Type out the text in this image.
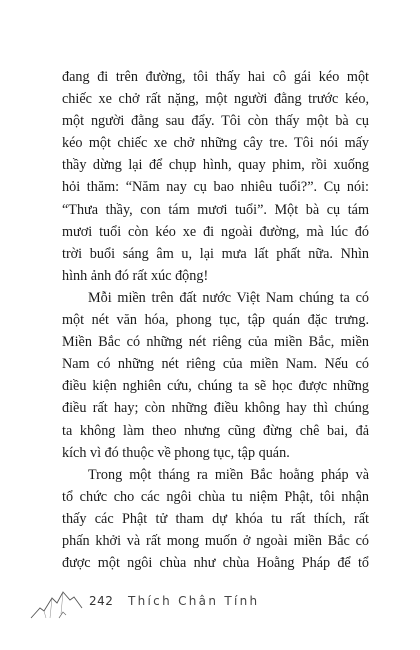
đang đi trên đường, tôi thấy hai cô gái kéo một
chiếc xe chở rất nặng, một người đằng trước kéo,
một người đằng sau đẩy. Tôi còn thấy một bà cụ
kéo một chiếc xe chở những cây tre. Tôi nói mấy
thầy dừng lại để chụp hình, quay phim, rồi xuống
hỏi thăm: “Năm nay cụ bao nhiêu tuổi?”. Cụ nói:
“Thưa thầy, con tám mươi tuổi”. Một bà cụ tám
mươi tuổi còn kéo xe đi ngoài đường, mà lúc đó
trời buổi sáng âm u, lại mưa lất phất nữa. Nhìn
hình ảnh đó rất xúc động!
Mỗi miền trên đất nước Việt Nam chúng ta có
một nét văn hóa, phong tục, tập quán đặc trưng.
Miền Bắc có những nét riêng của miền Bắc, miền
Nam có những nét riêng của miền Nam. Nếu có
điều kiện nghiên cứu, chúng ta sẽ học được những
điều rất hay; còn những điều không hay thì chúng
ta không làm theo nhưng cũng đừng chê bai, đả
kích vì đó thuộc về phong tục, tập quán.
Trong một tháng ra miền Bắc hoằng pháp và
tổ chức cho các ngôi chùa tu niệm Phật, tôi nhận
thấy các Phật tử tham dự khóa tu rất thích, rất
phấn khởi và rất mong muốn ở ngoài miền Bắc có
được một ngôi chùa như chùa Hoằng Pháp để tổ
242 Thích Chân Tính
